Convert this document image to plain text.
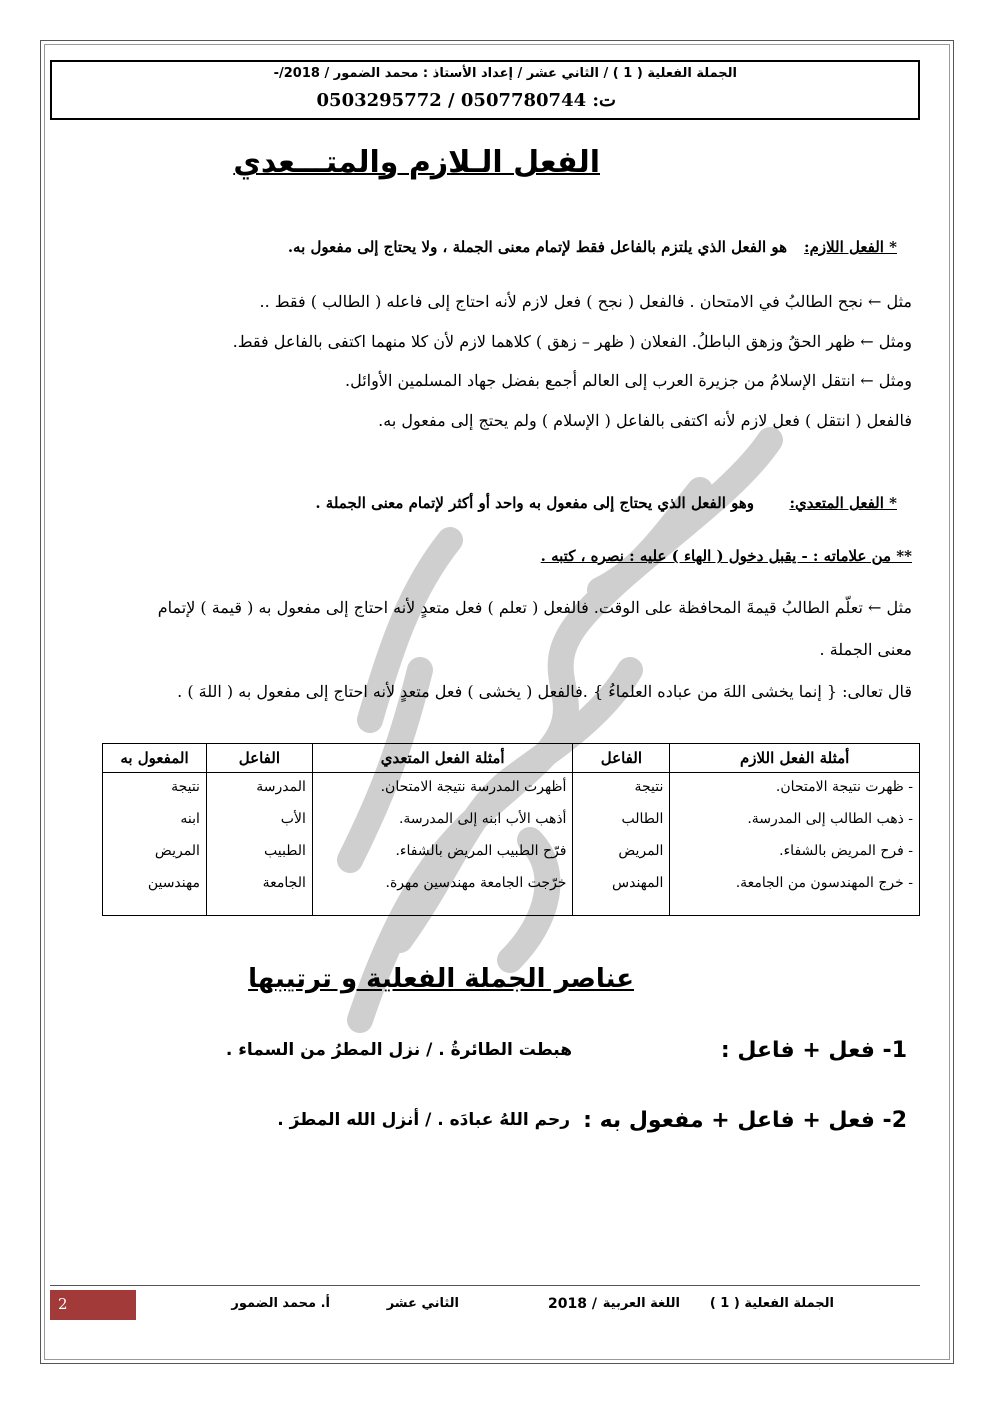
الجملة الفعلية ( 1 ) / الثاني عشر / إعداد الأستاذ : محمد الضمور / 2018/-
ت: 0507780744 / 0503295772
الفعل الـلازم والمتـــعدي
* الفعل اللازم:
هو الفعل الذي يلتزم بالفاعل فقط لإتمام معنى الجملة ، ولا يحتاج إلى مفعول به.
مثل ← نجح الطالبُ في الامتحان . فالفعل ( نجح ) فعل لازم لأنه احتاج إلى فاعله ( الطالب ) فقط ..
ومثل ← ظهر الحقُ وزهق الباطلُ. الفعلان ( ظهر – زهق ) كلاهما لازم لأن كلا منهما اكتفى بالفاعل فقط.
ومثل ← انتقل الإسلامُ من جزيرة العرب إلى العالم أجمع بفضل جهاد المسلمين الأوائل.
فالفعل ( انتقل ) فعل لازم لأنه اكتفى بالفاعل ( الإسلام ) ولم يحتج إلى مفعول به.
* الفعل المتعدي:
وهو الفعل الذي يحتاج إلى مفعول به واحد أو أكثر لإتمام معنى الجملة .
** من علاماته : - يقبل دخول ( الهاء ) عليه : نصره ، كتبه .
مثل ← تعلّم الطالبُ قيمةَ المحافظة على الوقت. فالفعل ( تعلم ) فعل متعدٍ لأنه احتاج إلى مفعول به ( قيمة ) لإتمام
معنى الجملة .
قال تعالى: { إنما يخشى اللهَ من عباده العلماءُ } .فالفعل ( يخشى ) فعل متعدٍ لأنه احتاج إلى مفعول به ( اللهَ ) .
أمثلة الفعل اللازم	الفاعل	أمثلة الفعل المتعدي	الفاعل	المفعول به
- ظهرت نتيجة الامتحان.	نتيجة	أظهرت المدرسة نتيجة الامتحان.	المدرسة	نتيجة
- ذهب الطالب إلى المدرسة.	الطالب	أذهب الأب ابنه إلى المدرسة.	الأب	ابنه
- فرح المريض بالشفاء.	المريض	فرّح الطبيب المريض بالشفاء.	الطبيب	المريض
- خرج المهندسون من الجامعة.	المهندس	خرّجت الجامعة مهندسين مهرة.	الجامعة	مهندسين
عناصر الجملة الفعلية و ترتيبها
1- فعل + فاعل :
هبطت الطائرةُ . / نزل المطرُ من السماء .
2- فعل + فاعل + مفعول به :
رحم اللهُ عبادَه . / أنزل الله المطرَ .
2	الجملة الفعلية ( 1 )
اللغة العربية
/ 2018
الثاني عشر
أ. محمد الضمور
